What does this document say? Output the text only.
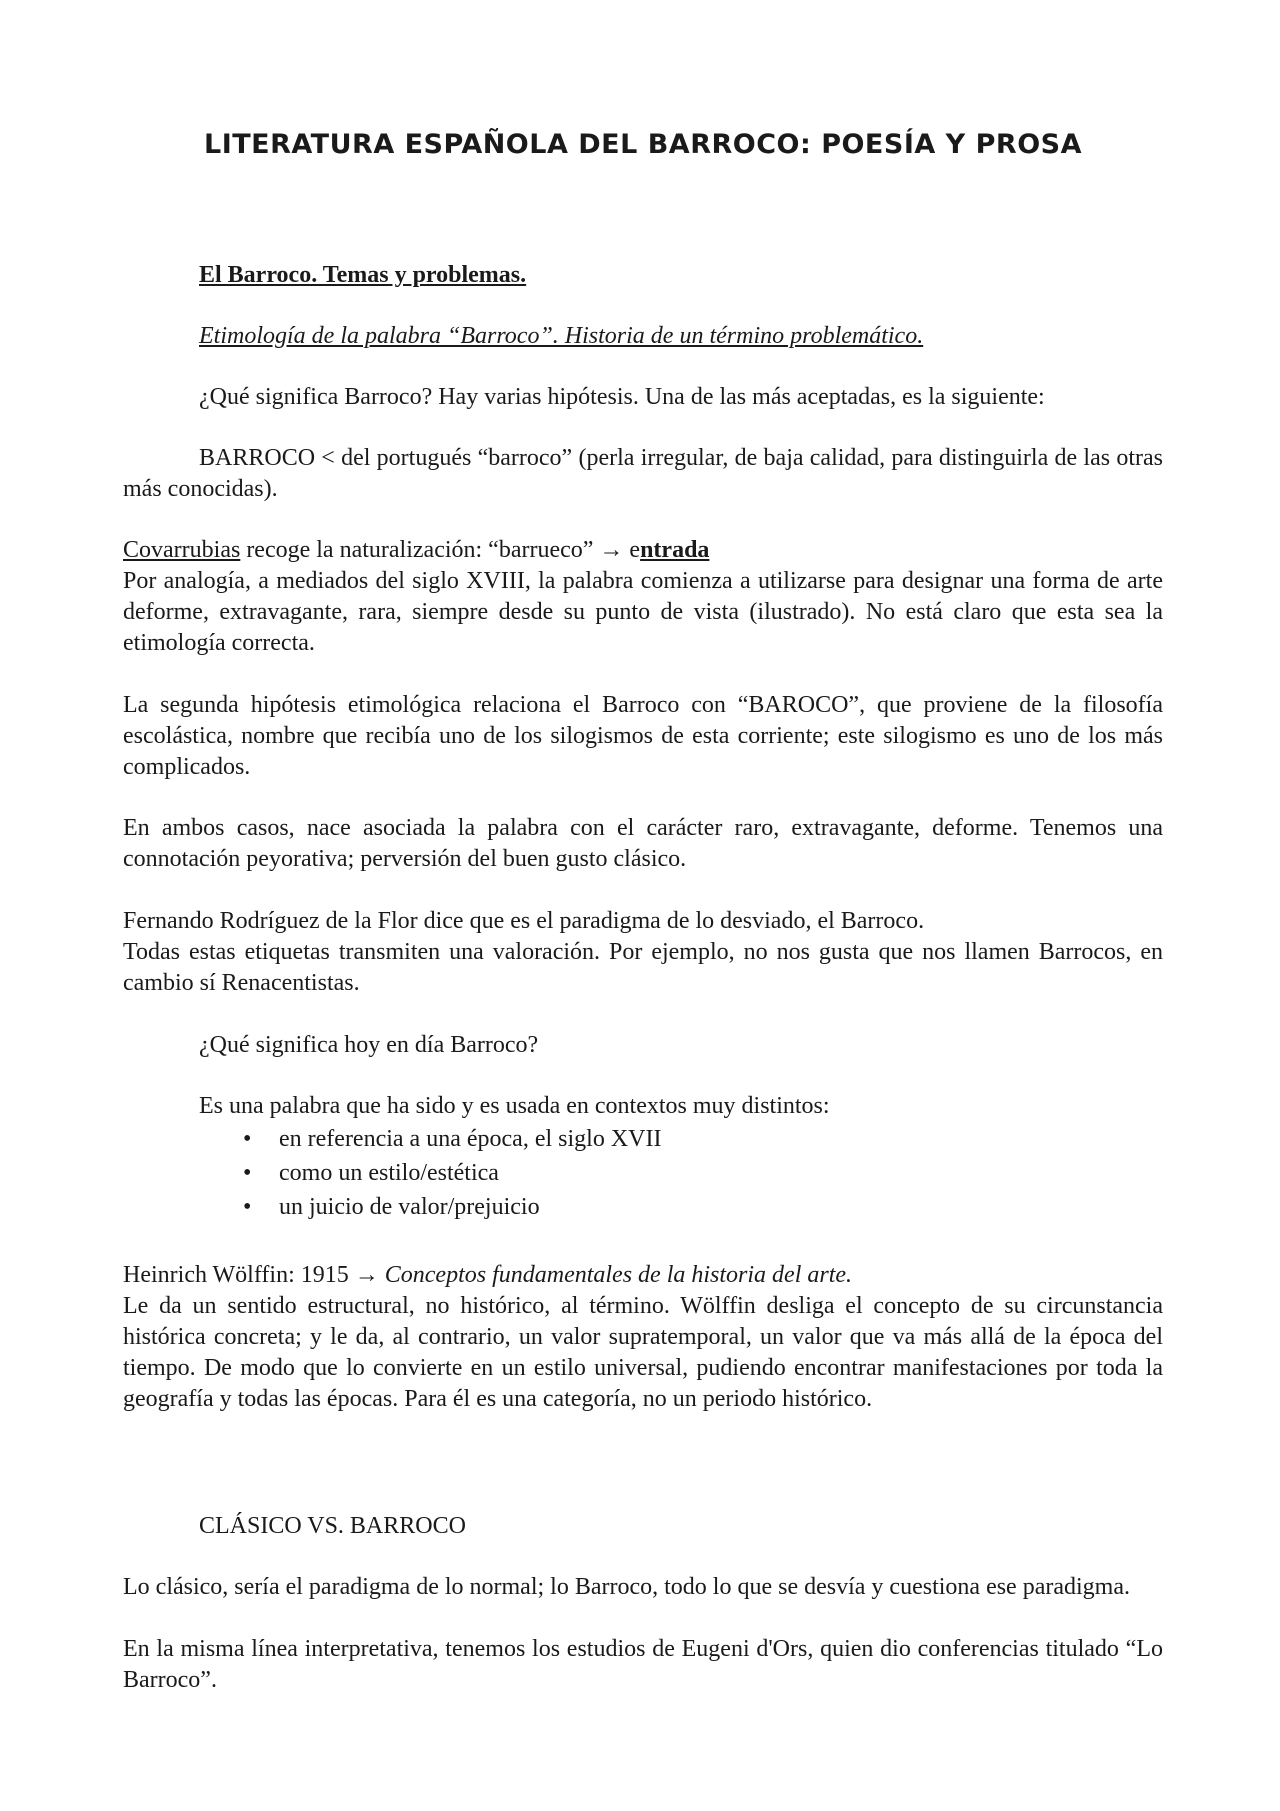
LITERATURA ESPAÑOLA DEL BARROCO: POESÍA Y PROSA

El Barroco. Temas y problemas.

Etimología de la palabra “Barroco”. Historia de un término problemático.

¿Qué significa Barroco? Hay varias hipótesis. Una de las más aceptadas, es la siguiente:

BARROCO < del portugués “barroco” (perla irregular, de baja calidad, para distinguirla de las otras más conocidas).

Covarrubias recoge la naturalización: “barrueco” → entrada

Por analogía, a mediados del siglo XVIII, la palabra comienza a utilizarse para designar una forma de arte deforme, extravagante, rara, siempre desde su punto de vista (ilustrado). No está claro que esta sea la etimología correcta.

La segunda hipótesis etimológica relaciona el Barroco con “BAROCO”, que proviene de la filosofía escolástica, nombre que recibía uno de los silogismos de esta corriente; este silogismo es uno de los más complicados.

En ambos casos, nace asociada la palabra con el carácter raro, extravagante, deforme. Tenemos una connotación peyorativa; perversión del buen gusto clásico.

Fernando Rodríguez de la Flor dice que es el paradigma de lo desviado, el Barroco.

Todas estas etiquetas transmiten una valoración. Por ejemplo, no nos gusta que nos llamen Barrocos, en cambio sí Renacentistas.

¿Qué significa hoy en día Barroco?

Es una palabra que ha sido y es usada en contextos muy distintos:

• en referencia a una época, el siglo XVII
• como un estilo/estética
• un juicio de valor/prejuicio

Heinrich Wölffin: 1915 → Conceptos fundamentales de la historia del arte.

Le da un sentido estructural, no histórico, al término. Wölffin desliga el concepto de su circunstancia histórica concreta; y le da, al contrario, un valor supratemporal, un valor que va más allá de la época del tiempo. De modo que lo convierte en un estilo universal, pudiendo encontrar manifestaciones por toda la geografía y todas las épocas. Para él es una categoría, no un periodo histórico.

CLÁSICO VS. BARROCO

Lo clásico, sería el paradigma de lo normal; lo Barroco, todo lo que se desvía y cuestiona ese paradigma.

En la misma línea interpretativa, tenemos los estudios de Eugeni d'Ors, quien dio conferencias titulado “Lo Barroco”.
